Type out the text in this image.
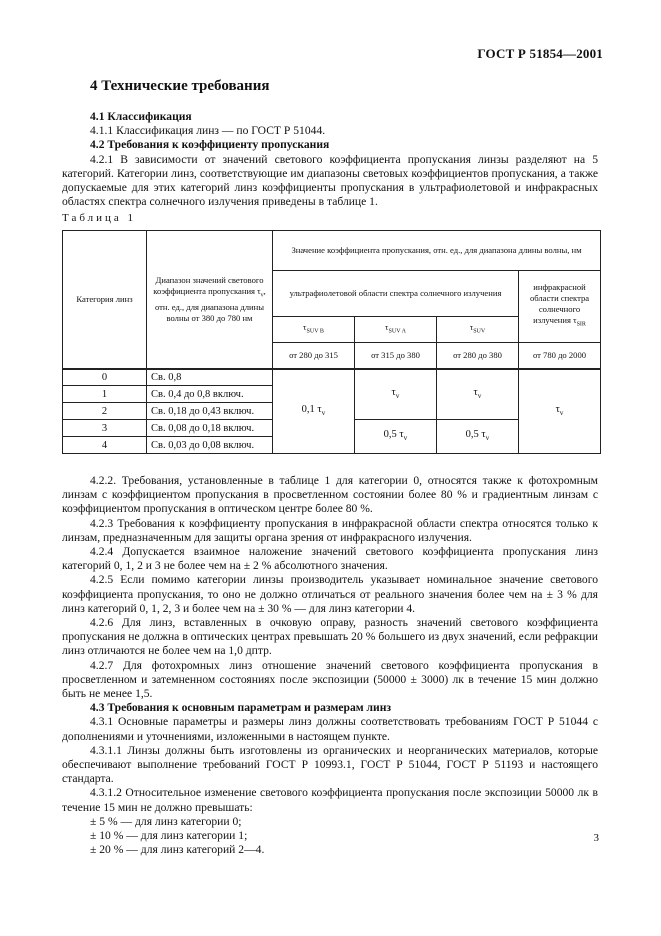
ГОСТ Р 51854—2001
4 Технические требования

4.1 Классификация

4.1.1 Классификация линз — по ГОСТ Р 51044.

4.2 Требования к коэффициенту пропускания

4.2.1 В зависимости от значений светового коэффициента пропускания линзы разделяют на 5 категорий. Категории линз, соответствующие им диапазоны световых коэффициентов пропускания, а также допускаемые для этих категорий линз коэффициенты пропускания в ультрафиолетовой и инфракрасных областях спектра солнечного излучения приведены в таблице 1.

Таблица 1
Категория линз	Диапазон значений светового коэффициента пропускания $\tau_v$, отн. ед., для диапазона длины волны от 380 до 780 нм	Значение коэффициента пропускания, отн. ед., для диапазона длины волны, нм			
		ультрафиолетовой области спектра солнечного излучения			инфракрасной области спектра солнечного излучения $\tau_{SIR}$
		$\tau_{SUV B}$	$\tau_{SUV A}$	$\tau_{SUV}$
		от 280 до 315	от 315 до 380	от 280 до 380	от 780 до 2000
0	Св. 0,8	0,1 $\tau_v$	$\tau_v$	$\tau_v$	$\tau_v$
1	Св. 0,4 до 0,8 включ.				
2	Св. 0,18 до 0,43 включ.				
3	Св. 0,08 до 0,18 включ.		0,5 $\tau_v$	0,5 $\tau_v$
4	Св. 0,03 до 0,08 включ.				

4.2.2. Требования, установленные в таблице 1 для категории 0, относятся также к фотохромным линзам с коэффициентом пропускания в просветленном состоянии более 80 % и градиентным линзам с коэффициентом пропускания в оптическом центре более 80 %.

4.2.3 Требования к коэффициенту пропускания в инфракрасной области спектра относятся только к линзам, предназначенным для защиты органа зрения от инфракрасного излучения.

4.2.4 Допускается взаимное наложение значений светового коэффициента пропускания линз категорий 0, 1, 2 и 3 не более чем на ± 2 % абсолютного значения.

4.2.5 Если помимо категории линзы производитель указывает номинальное значение светового коэффициента пропускания, то оно не должно отличаться от реального значения более чем на ± 3 % для линз категорий 0, 1, 2, 3 и более чем на ± 30 % — для линз категории 4.

4.2.6 Для линз, вставленных в очковую оправу, разность значений светового коэффициента пропускания не должна в оптических центрах превышать 20 % большего из двух значений, если рефракции линз отличаются не более чем на 1,0 дптр.

4.2.7 Для фотохромных линз отношение значений светового коэффициента пропускания в просветленном и затемненном состояниях после экспозиции (50000 ± 3000) лк в течение 15 мин должно быть не менее 1,5.

4.3 Требования к основным параметрам и размерам линз

4.3.1 Основные параметры и размеры линз должны соответствовать требованиям ГОСТ Р 51044 с дополнениями и уточнениями, изложенными в настоящем пункте.

4.3.1.1 Линзы должны быть изготовлены из органических и неорганических материалов, которые обеспечивают выполнение требований ГОСТ Р 10993.1, ГОСТ Р 51044, ГОСТ Р 51193 и настоящего стандарта.

4.3.1.2 Относительное изменение светового коэффициента пропускания после экспозиции 50000 лк в течение 15 мин не должно превышать:

± 5 % — для линз категории 0;

± 10 % — для линз категории 1;

± 20 % — для линз категорий 2—4.

3
